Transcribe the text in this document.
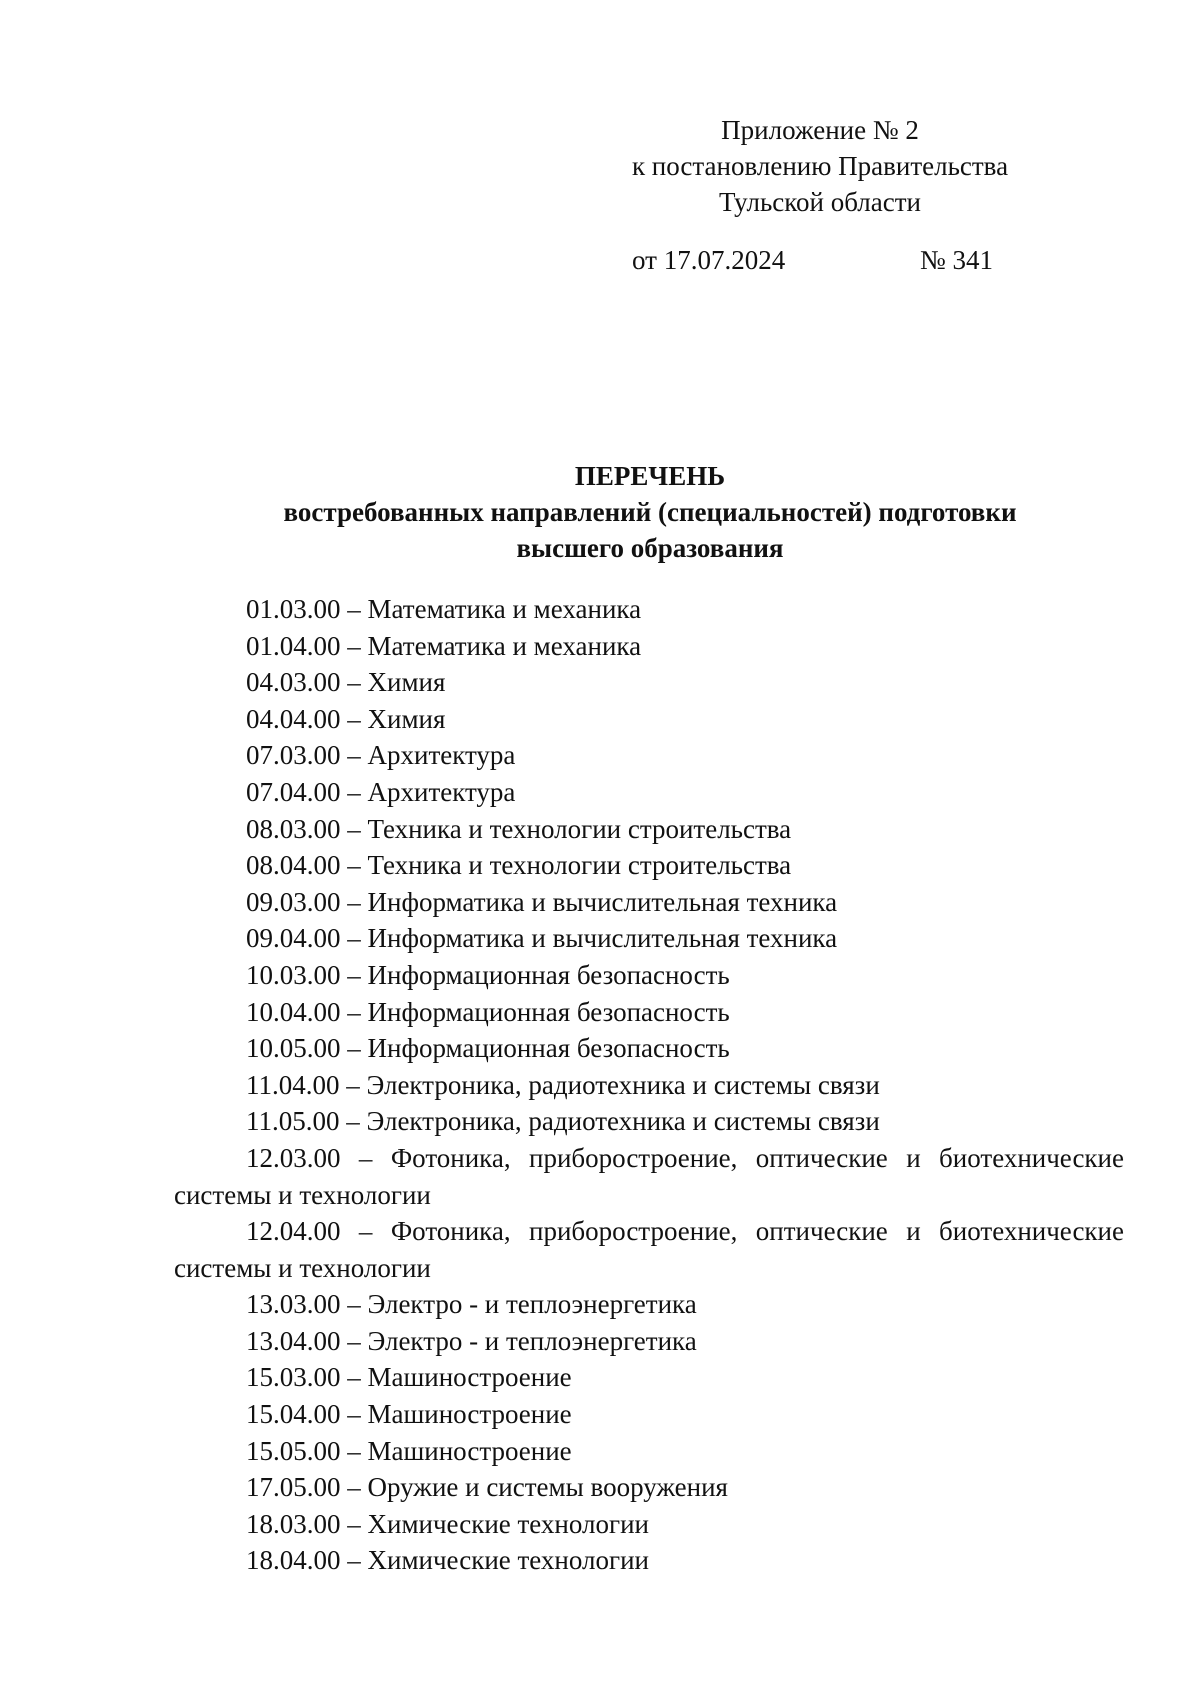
Приложение № 2
к постановлению Правительства
Тульской области
от 17.07.2024	№ 341
ПЕРЕЧЕНЬ
востребованных направлений (специальностей) подготовки
высшего образования

01.03.00 – Математика и механика

01.04.00 – Математика и механика

04.03.00 – Химия

04.04.00 – Химия

07.03.00 – Архитектура

07.04.00 – Архитектура

08.03.00 – Техника и технологии строительства

08.04.00 – Техника и технологии строительства

09.03.00 – Информатика и вычислительная техника

09.04.00 – Информатика и вычислительная техника

10.03.00 – Информационная безопасность

10.04.00 – Информационная безопасность

10.05.00 – Информационная безопасность

11.04.00 – Электроника, радиотехника и системы связи

11.05.00 – Электроника, радиотехника и системы связи

12.03.00 – Фотоника, приборостроение, оптические и биотехнические системы и технологии

12.04.00 – Фотоника, приборостроение, оптические и биотехнические системы и технологии

13.03.00 – Электро - и теплоэнергетика

13.04.00 – Электро - и теплоэнергетика

15.03.00 – Машиностроение

15.04.00 – Машиностроение

15.05.00 – Машиностроение

17.05.00 – Оружие и системы вооружения

18.03.00 – Химические технологии

18.04.00 – Химические технологии
